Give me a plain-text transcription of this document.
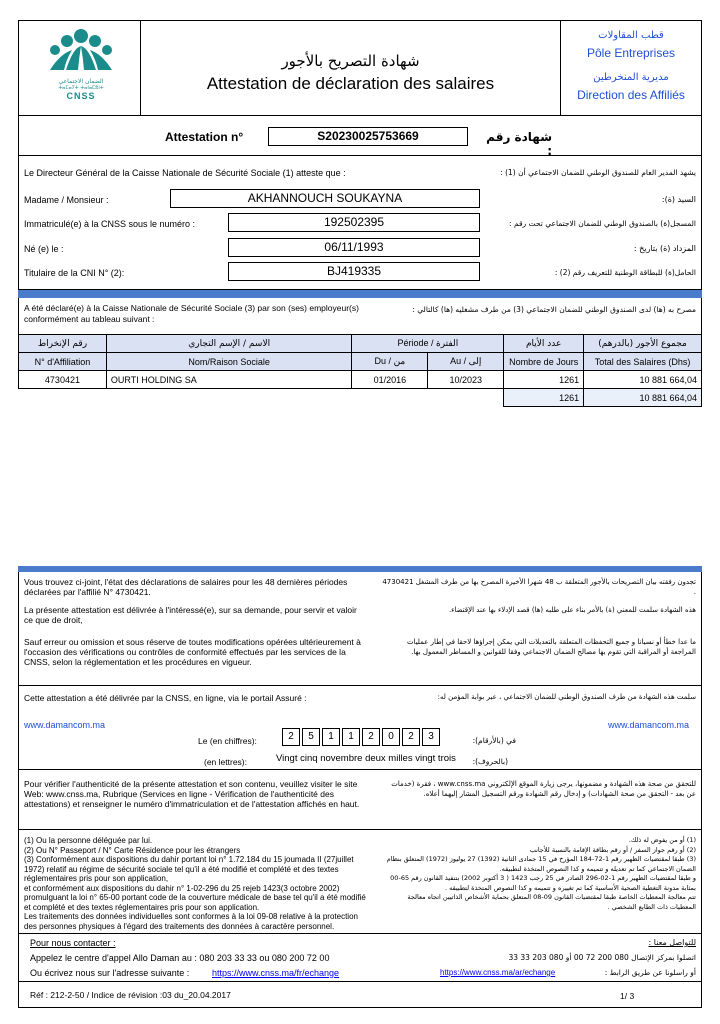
الضمان الاجتماعي
ⵜⴰⵎⴰⵢⵜ ⵜⴰⵏⴰⵎⵓⵏⵜ
CNSS
شهادة التصريح بالأجور
Attestation de déclaration des salaires
قطب المقاولات
Pôle Entreprises
مديرية المنخرطين
Direction des Affiliés
Attestation n°	S20230025753669	شهادة رقم :
Le Directeur Général de la Caisse Nationale de Sécurité Sociale (1) atteste que :	يشهد المدير العام للصندوق الوطني للضمان الاجتماعي أن (1) :
Madame / Monsieur :	AKHANNOUCH SOUKAYNA	السيد (ة):
Immatriculé(e) à la CNSS sous le numéro :	192502395	المسجل(ة) بالصندوق الوطني للضمان الاجتماعي تحت رقم :
Né (e) le :	06/11/1993	المزداد (ة) بتاريخ :
Titulaire de la CNI N° (2):	BJ419335	الحامل(ة) للبطاقة الوطنية للتعريف رقم (2) :
A été déclaré(e) à la Caisse Nationale de Sécurité Sociale (3) par son (ses) employeur(s) conformément au tableau suivant :
مصرح به (ها) لدى الصندوق الوطني للضمان الاجتماعي (3) من طرف مشغليه (ها) كالتالي :
رقم الإنخراط	الاسم / الإسم التجاري	Période / الفترة		عدد الأيام	مجموع الأجور (بالدرهم)
N° d'Affiliation	Nom/Raison Sociale	Du / من	Au / إلى	Nombre de Jours	Total des Salaires (Dhs)
4730421	OURTI HOLDING SA	01/2016	10/2023	1261	10 881 664,04
				1261	10 881 664,04
Vous trouvez ci-joint, l'état des déclarations de salaires pour les 48 dernières périodes déclarées par l'affilié N° 4730421.
La présente attestation est délivrée à l'intéressé(e), sur sa demande, pour servir et valoir ce que de droit,
Sauf erreur ou omission et sous réserve de toutes modifications opérées ultérieurement à l'occasion des vérifications ou contrôles de conformité effectués par les services de la CNSS, selon la réglementation et les procédures en vigueur.
تجدون رفقته بيان التصريحات بالأجور المتعلقة ب 48 شهرا الأخيرة المصرح بها من طرف المشغل 4730421 .
هذه الشهادة سلمت للمعني (ة) بالأمر بناء على طلبه (ها) قصد الإدلاء بها عند الإقتضاء.
ما عدا خطأ أو نسيانا و جميع التحفظات المتعلقة بالتعديلات التي يمكن إجراؤها لاحقا في إطار عمليات المراجعة أو المراقبة التي تقوم بها مصالح الضمان الاجتماعي وفقا للقوانين و المساطر المعمول بها.
Cette attestation a été délivrée par la CNSS, en ligne, via le portail Assuré :	سلمت هذه الشهادة من طرف الصندوق الوطني للضمان الاجتماعي ، عبر بوابة المؤمن له:
www.damancom.ma	www.damancom.ma
Le (en chiffres):	2 5 1 1 2 0 2 3	في (بالأرقام):
(en lettres):	Vingt cinq novembre deux milles vingt trois	(بالحروف):
Pour vérifier l'authenticité de la présente attestation et son contenu, veuillez visiter le site Web: www.cnss.ma, Rubrique (Services en ligne - Vérification de l'authenticité des attestations) et renseigner le numéro d'immatriculation et de l'attestation affichés en haut.
للتحقق من صحة هذه الشهادة و مضمونها، يرجى زيارة الموقع الإلكتروني www.cnss.ma ، فقرة (خدمات عن بعد - التحقق من صحة الشهادات) و إدخال رقم الشهادة ورقم التسجيل المشار إليهما أعلاه.
(1) Ou la personne déléguée par lui.
(2) Ou N° Passeport / N° Carte Résidence pour les étrangers
(3) Conformément aux dispositions du dahir portant loi n° 1.72.184 du 15 joumada II (27juillet 1972) relatif au régime de sécurité sociale tel qu'il a été modifié et complété et des textes réglementaires pris pour son application,
et conformément aux dispositions du dahir n° 1-02-296 du 25 rejeb 1423(3 octobre 2002) promulguant la loi n° 65-00 portant code de la couverture médicale de base tel qu'il a été modifié et complété et des textes réglementaires pris pour son application.
Les traitements des données individuelles sont conformes à la loi 09-08 relative à la protection des personnes physiques à l'égard des traitements des données à caractère personnel.
(1) أو من يفوض له ذلك.
(2) أو رقم جواز السفر / أو رقم بطاقة الإقامة بالنسبة للأجانب
(3) طبقا لمقتضيات الظهير رقم 1-72-184 المؤرخ في 15 جمادى الثانية (1392) 27 يوليوز (1972) المتعلق بنظام الضمان الاجتماعي كما تم تعديله و تتميمه و كذا النصوص المتخذة لتطبيقه.
و طبقا لمقتضيات الظهير رقم 1-02-296 الصادر في 25 رجب 1423 ( 3 أكتوبر 2002) بتنفيذ القانون رقم 65-00 بمثابة مدونة التغطية الصحية الأساسية كما تم تغييره و تتميمه و كذا النصوص المتخذة لتطبيقه .
تتم معالجة المعطيات الخاصة طبقا لمقتضيات القانون 09-08 المتعلق بحماية الأشخاص الذاتيين اتجاه معالجة المعطيات ذات الطابع الشخصي .
Pour nous contacter :	للتواصل معنا :
Appelez le centre d'appel Allo Daman au : 080 203 33 33 ou 080 200 72 00	اتصلوا بمركز الإتصال 080 200 72 00 أو 080 203 33 33
Ou écrivez nous sur l'adresse suivante :	https://www.cnss.ma/fr/echange	https://www.cnss.ma/ar/echange	أو راسلونا عن طريق الرابط :
Réf : 212-2-50 / Indice de révision :03 du_20.04.2017	1/ 3
